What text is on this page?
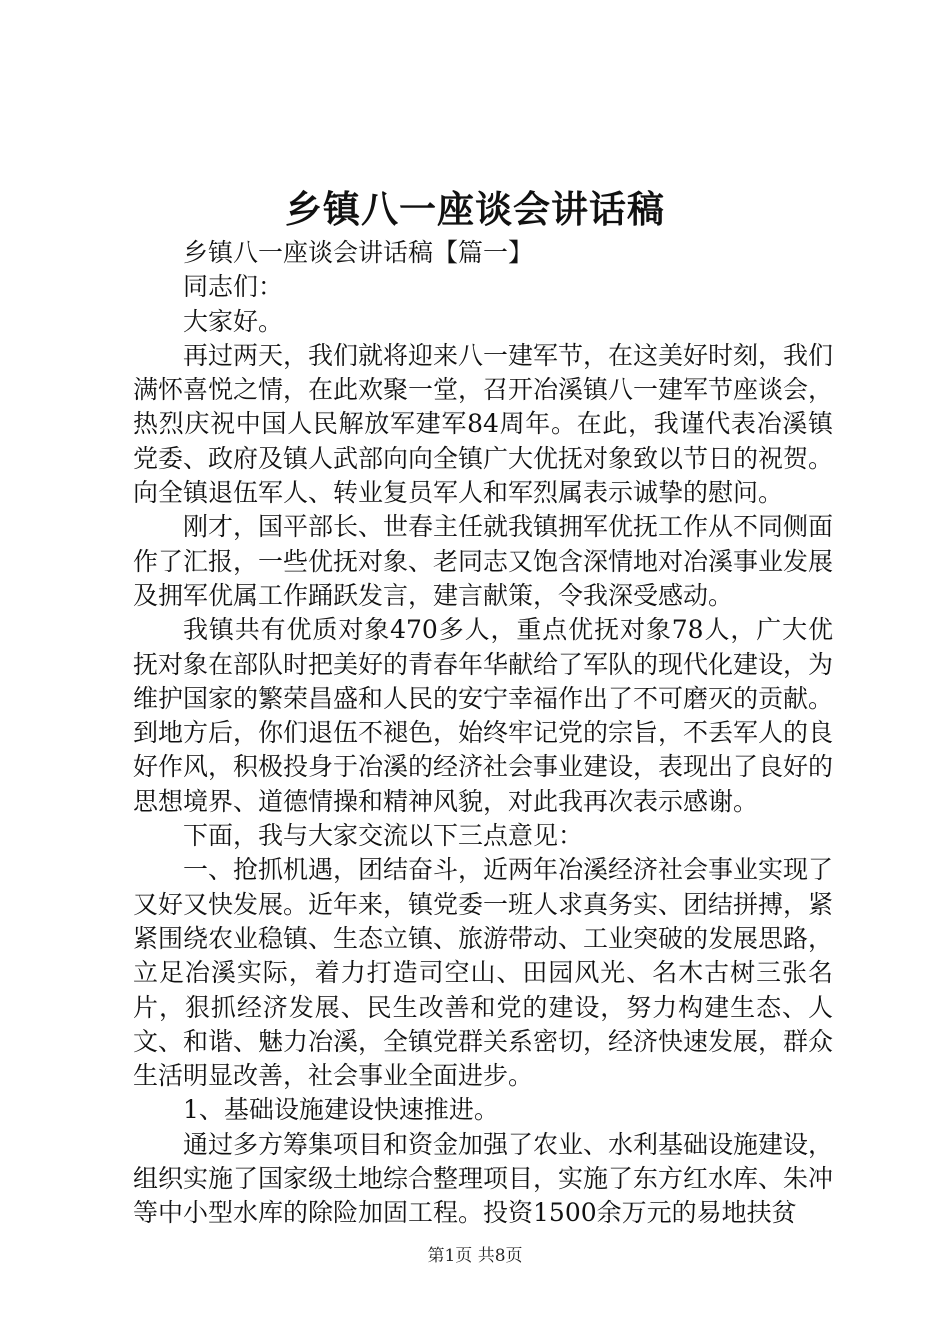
乡镇八一座谈会讲话稿

乡镇八一座谈会讲话稿【篇一】

同志们：

大家好。

再过两天，我们就将迎来八一建军节，在这美好时刻，我们满怀喜悦之情，在此欢聚一堂，召开冶溪镇八一建军节座谈会，热烈庆祝中国人民解放军建军84周年。在此，我谨代表冶溪镇党委、政府及镇人武部向向全镇广大优抚对象致以节日的祝贺。向全镇退伍军人、转业复员军人和军烈属表示诚挚的慰问。

刚才，国平部长、世春主任就我镇拥军优抚工作从不同侧面作了汇报，一些优抚对象、老同志又饱含深情地对冶溪事业发展及拥军优属工作踊跃发言，建言献策，令我深受感动。

我镇共有优质对象470多人，重点优抚对象78人，广大优抚对象在部队时把美好的青春年华献给了军队的现代化建设，为维护国家的繁荣昌盛和人民的安宁幸福作出了不可磨灭的贡献。到地方后，你们退伍不褪色，始终牢记党的宗旨，不丢军人的良好作风，积极投身于冶溪的经济社会事业建设，表现出了良好的思想境界、道德情操和精神风貌，对此我再次表示感谢。

下面，我与大家交流以下三点意见：

一、抢抓机遇，团结奋斗，近两年冶溪经济社会事业实现了又好又快发展。近年来，镇党委一班人求真务实、团结拼搏，紧紧围绕农业稳镇、生态立镇、旅游带动、工业突破的发展思路，立足冶溪实际，着力打造司空山、田园风光、名木古树三张名片，狠抓经济发展、民生改善和党的建设，努力构建生态、人文、和谐、魅力冶溪，全镇党群关系密切，经济快速发展，群众生活明显改善，社会事业全面进步。

1、基础设施建设快速推进。

通过多方筹集项目和资金加强了农业、水利基础设施建设，组织实施了国家级土地综合整理项目，实施了东方红水库、朱冲等中小型水库的除险加固工程。投资1500余万元的易地扶贫

第1页 共8页
